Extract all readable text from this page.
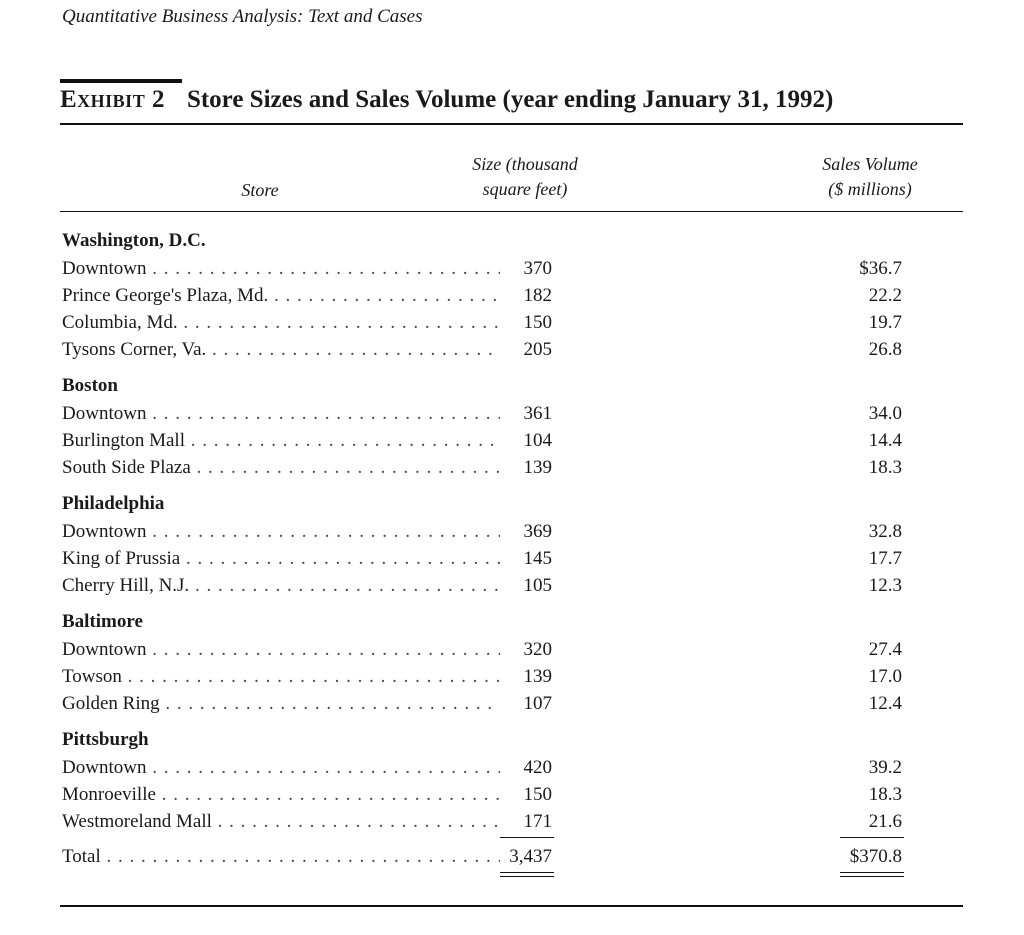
Quantitative Business Analysis: Text and Cases
Exhibit 2 Store Sizes and Sales Volume (year ending January 31, 1992)
Store
Size (thousand
square feet)
Sales Volume
($ millions)
Washington, D.C.
Downtown . . .	370	$36.7
Prince George's Plaza, Md. . . .	182	22.2
Columbia, Md. . . .	150	19.7
Tysons Corner, Va. . . .	205	26.8
Boston
Downtown . . .	361	34.0
Burlington Mall . . .	104	14.4
South Side Plaza . . .	139	18.3
Philadelphia
Downtown . . .	369	32.8
King of Prussia . . .	145	17.7
Cherry Hill, N.J. . . .	105	12.3
Baltimore
Downtown . . .	320	27.4
Towson . . .	139	17.0
Golden Ring . . .	107	12.4
Pittsburgh
Downtown . . .	420	39.2
Monroeville . . .	150	18.3
Westmoreland Mall . . .	171	21.6
Total . . .	3,437	$370.8
